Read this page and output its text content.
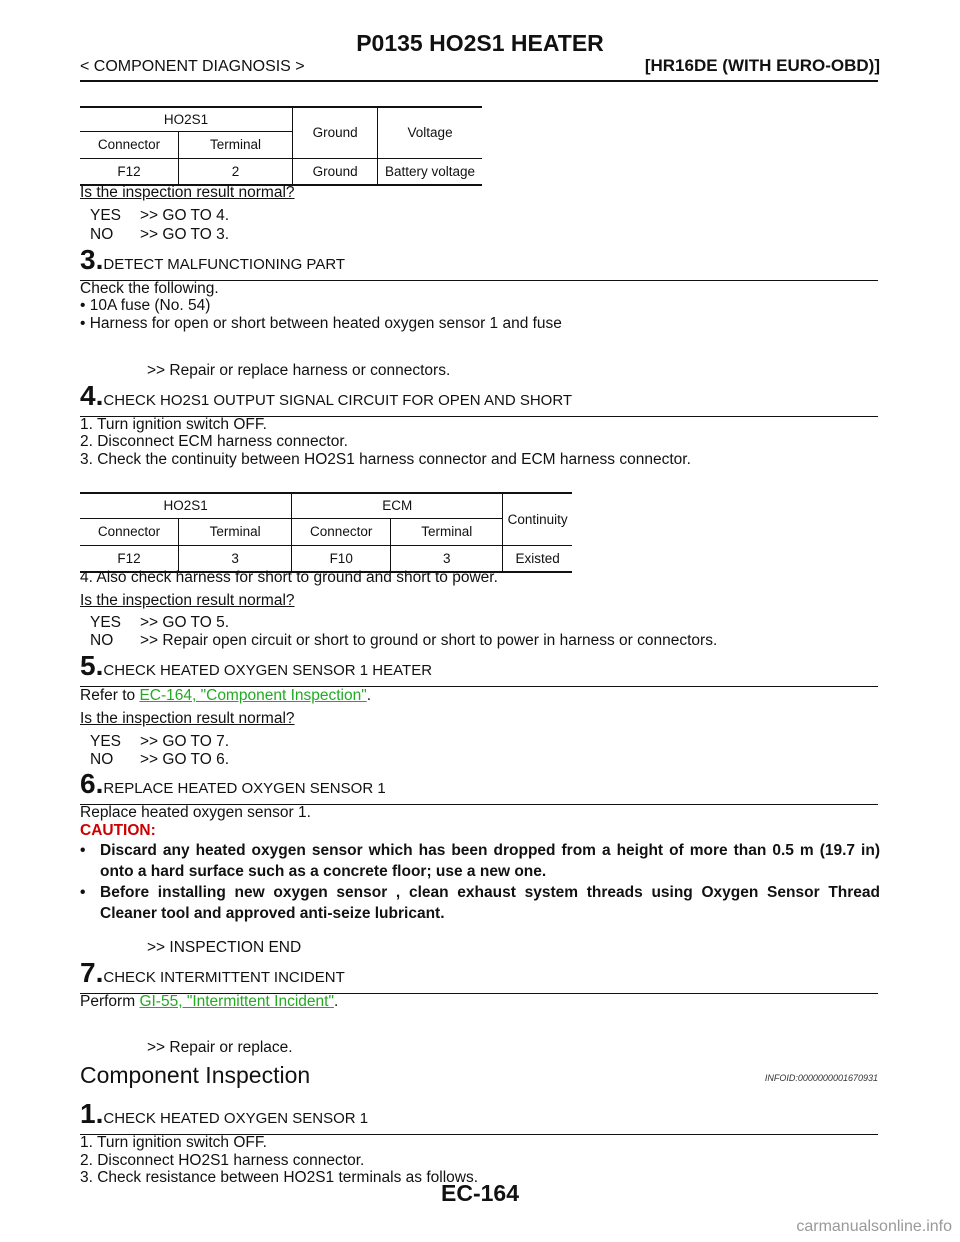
P0135 HO2S1 HEATER
< COMPONENT DIAGNOSIS >	[HR16DE (WITH EURO-OBD)]
HO2S1		Ground	Voltage
Connector	Terminal		
F12	2	Ground	Battery voltage
Is the inspection result normal?
YES >> GO TO 4.
NO >> GO TO 3.
3.DETECT MALFUNCTIONING PART
Check the following.
• 10A fuse (No. 54)
• Harness for open or short between heated oxygen sensor 1 and fuse
>> Repair or replace harness or connectors.
4.CHECK HO2S1 OUTPUT SIGNAL CIRCUIT FOR OPEN AND SHORT
1. Turn ignition switch OFF.
2. Disconnect ECM harness connector.
3. Check the continuity between HO2S1 harness connector and ECM harness connector.
HO2S1		ECM		Continuity
Connector	Terminal	Connector	Terminal	
F12	3	F10	3	Existed
4. Also check harness for short to ground and short to power.
Is the inspection result normal?
YES >> GO TO 5.
NO >> Repair open circuit or short to ground or short to power in harness or connectors.
5.CHECK HEATED OXYGEN SENSOR 1 HEATER
Refer to EC-164, "Component Inspection".
Is the inspection result normal?
YES >> GO TO 7.
NO >> GO TO 6.
6.REPLACE HEATED OXYGEN SENSOR 1
Replace heated oxygen sensor 1.
CAUTION:
• Discard any heated oxygen sensor which has been dropped from a height of more than 0.5 m (19.7 in) onto a hard surface such as a concrete floor; use a new one.
• Before installing new oxygen sensor , clean exhaust system threads using Oxygen Sensor Thread Cleaner tool and approved anti-seize lubricant.
>> INSPECTION END
7.CHECK INTERMITTENT INCIDENT
Perform GI-55, "Intermittent Incident".
>> Repair or replace.
Component Inspection	INFOID:0000000001670931
1.CHECK HEATED OXYGEN SENSOR 1
1. Turn ignition switch OFF.
2. Disconnect HO2S1 harness connector.
3. Check resistance between HO2S1 terminals as follows.
EC-164
carmanualsonline.info
